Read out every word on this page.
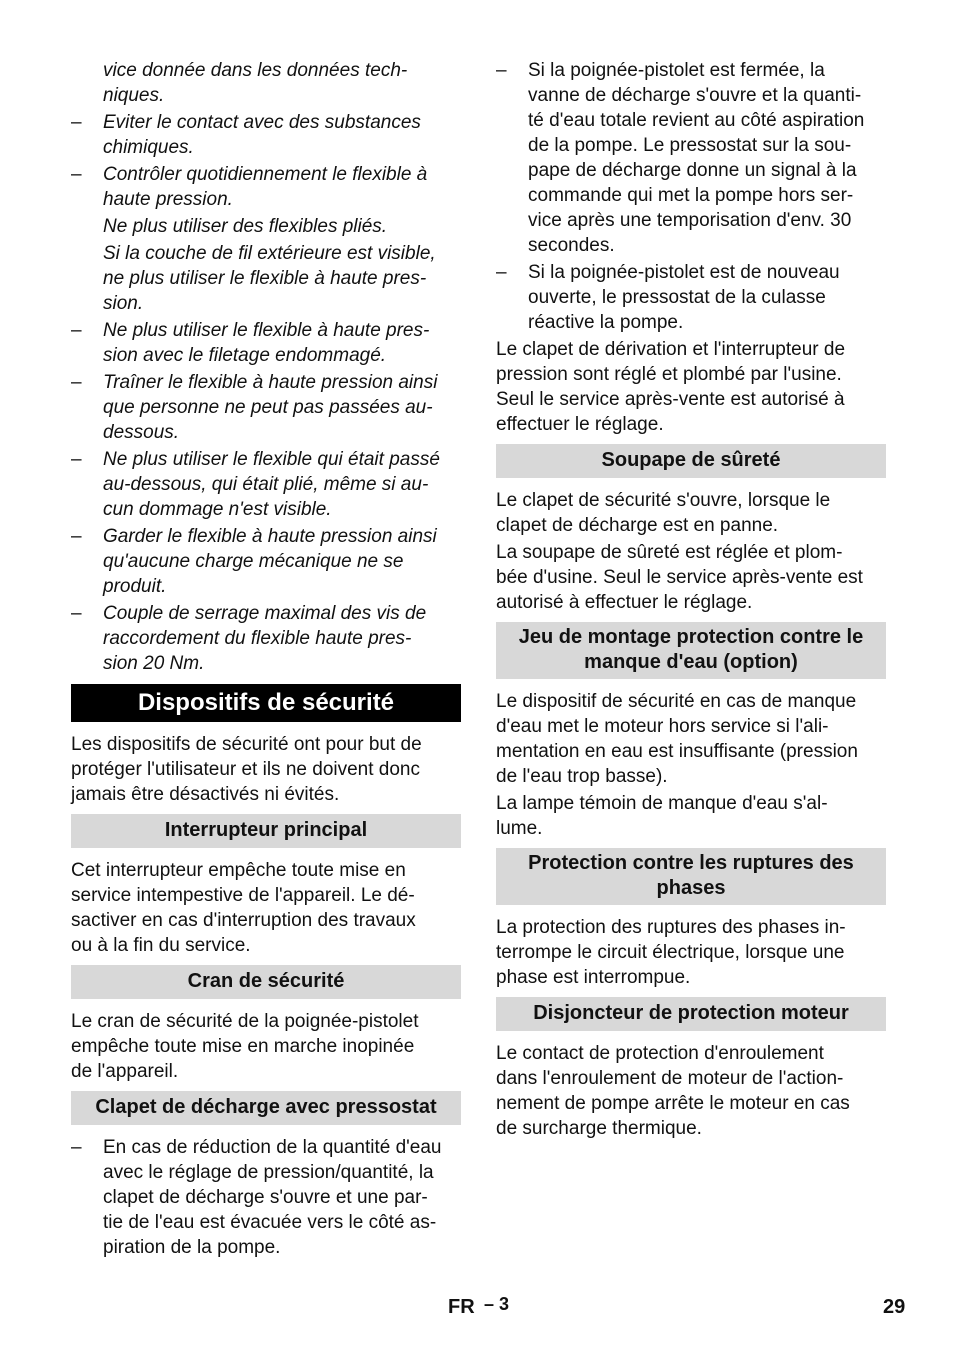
vice donnée dans les données tech-
niques.
–	Eviter le contact avec des substances
chimiques.
–	Contrôler quotidiennement le flexible à
haute pression.
Ne plus utiliser des flexibles pliés.
Si la couche de fil extérieure est visible,
ne plus utiliser le flexible à haute pres-
sion.
–	Ne plus utiliser le flexible à haute pres-
sion avec le filetage endommagé.
–	Traîner le flexible à haute pression ainsi
que personne ne peut pas passées au-
dessous.
–	Ne plus utiliser le flexible qui était passé
au-dessous, qui était plié, même si au-
cun dommage n'est visible.
–	Garder le flexible à haute pression ainsi
qu'aucune charge mécanique ne se
produit.
–	Couple de serrage maximal des vis de
raccordement du flexible haute pres-
sion 20 Nm.
Dispositifs de sécurité
Les dispositifs de sécurité ont pour but de
protéger l'utilisateur et ils ne doivent donc
jamais être désactivés ni évités.
Interrupteur principal
Cet interrupteur empêche toute mise en
service intempestive de l'appareil. Le dé-
sactiver en cas d'interruption des travaux
ou à la fin du service.
Cran de sécurité
Le cran de sécurité de la poignée-pistolet
empêche toute mise en marche inopinée
de l'appareil.
Clapet de décharge avec pressostat
–	En cas de réduction de la quantité d'eau
avec le réglage de pression/quantité, la
clapet de décharge s'ouvre et une par-
tie de l'eau est évacuée vers le côté as-
piration de la pompe.
–	Si la poignée-pistolet est fermée, la
vanne de décharge s'ouvre et la quanti-
té d'eau totale revient au côté aspiration
de la pompe. Le pressostat sur la sou-
pape de décharge donne un signal à la
commande qui met la pompe hors ser-
vice après une temporisation d'env. 30
secondes.
–	Si la poignée-pistolet est de nouveau
ouverte, le pressostat de la culasse
réactive la pompe.
Le clapet de dérivation et l'interrupteur de
pression sont réglé et plombé par l'usine.
Seul le service après-vente est autorisé à
effectuer le réglage.
Soupape de sûreté
Le clapet de sécurité s'ouvre, lorsque le
clapet de décharge est en panne.
La soupape de sûreté est réglée et plom-
bée d'usine. Seul le service après-vente est
autorisé à effectuer le réglage.
Jeu de montage protection contre le
manque d'eau (option)
Le dispositif de sécurité en cas de manque
d'eau met le moteur hors service si l'ali-
mentation en eau est insuffisante (pression
de l'eau trop basse).
La lampe témoin de manque d'eau s'al-
lume.
Protection contre les ruptures des
phases
La protection des ruptures des phases in-
terrompe le circuit électrique, lorsque une
phase est interrompue.
Disjoncteur de protection moteur
Le contact de protection d'enroulement
dans l'enroulement de moteur de l'action-
nement de pompe arrête le moteur en cas
de surcharge thermique.
FR – 3	29
